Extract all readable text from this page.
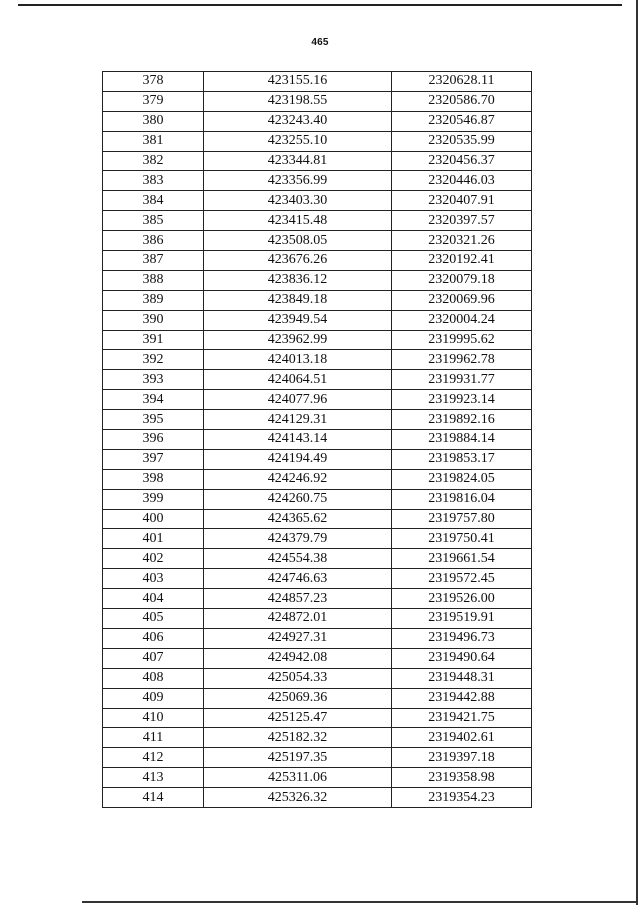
465
378	423155.16	2320628.11
379	423198.55	2320586.70
380	423243.40	2320546.87
381	423255.10	2320535.99
382	423344.81	2320456.37
383	423356.99	2320446.03
384	423403.30	2320407.91
385	423415.48	2320397.57
386	423508.05	2320321.26
387	423676.26	2320192.41
388	423836.12	2320079.18
389	423849.18	2320069.96
390	423949.54	2320004.24
391	423962.99	2319995.62
392	424013.18	2319962.78
393	424064.51	2319931.77
394	424077.96	2319923.14
395	424129.31	2319892.16
396	424143.14	2319884.14
397	424194.49	2319853.17
398	424246.92	2319824.05
399	424260.75	2319816.04
400	424365.62	2319757.80
401	424379.79	2319750.41
402	424554.38	2319661.54
403	424746.63	2319572.45
404	424857.23	2319526.00
405	424872.01	2319519.91
406	424927.31	2319496.73
407	424942.08	2319490.64
408	425054.33	2319448.31
409	425069.36	2319442.88
410	425125.47	2319421.75
411	425182.32	2319402.61
412	425197.35	2319397.18
413	425311.06	2319358.98
414	425326.32	2319354.23
